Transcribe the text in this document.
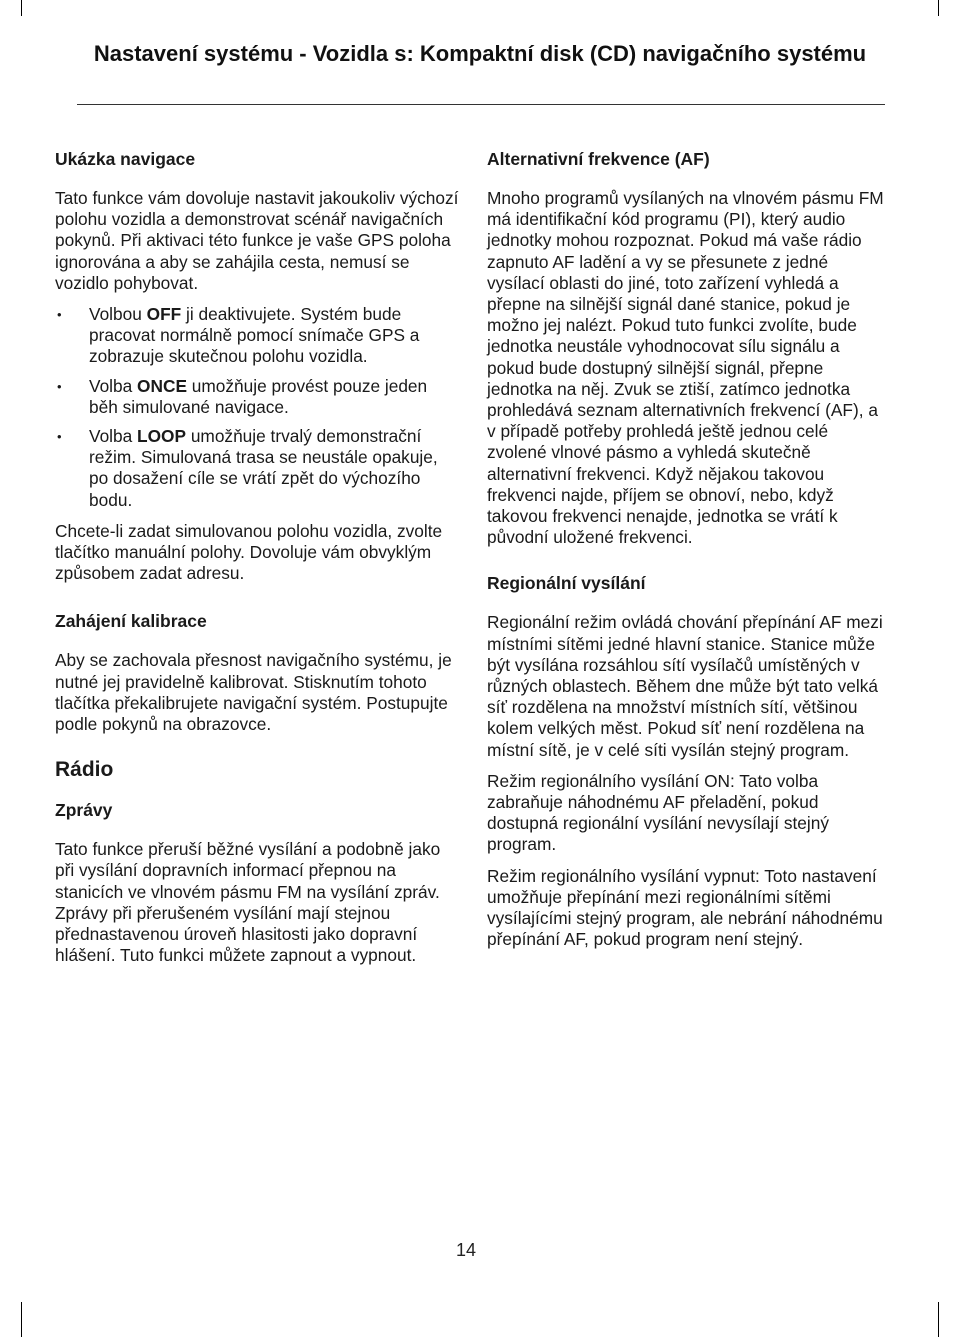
Nastavení systému - Vozidla s: Kompaktní disk (CD) navigačního systému
Ukázka navigace

Tato funkce vám dovoluje nastavit jakoukoliv výchozí polohu vozidla a demonstrovat scénář navigačních pokynů. Při aktivaci této funkce je vaše GPS poloha ignorována a aby se zahájila cesta, nemusí se vozidlo pohybovat.

• Volbou OFF ji deaktivujete. Systém bude pracovat normálně pomocí snímače GPS a zobrazuje skutečnou polohu vozidla.
• Volba ONCE umožňuje provést pouze jeden běh simulované navigace.
• Volba LOOP umožňuje trvalý demonstrační režim. Simulovaná trasa se neustále opakuje, po dosažení cíle se vrátí zpět do výchozího bodu.

Chcete-li zadat simulovanou polohu vozidla, zvolte tlačítko manuální polohy. Dovoluje vám obvyklým způsobem zadat adresu.

Zahájení kalibrace

Aby se zachovala přesnost navigačního systému, je nutné jej pravidelně kalibrovat. Stisknutím tohoto tlačítka překalibrujete navigační systém. Postupujte podle pokynů na obrazovce.

Rádio
Zprávy

Tato funkce přeruší běžné vysílání a podobně jako při vysílání dopravních informací přepnou na stanicích ve vlnovém pásmu FM na vysílání zpráv. Zprávy při přerušeném vysílání mají stejnou přednastavenou úroveň hlasitosti jako dopravní hlášení. Tuto funkci můžete zapnout a vypnout.

Alternativní frekvence (AF)

Mnoho programů vysílaných na vlnovém pásmu FM má identifikační kód programu (PI), který audio jednotky mohou rozpoznat. Pokud má vaše rádio zapnuto AF ladění a vy se přesunete z jedné vysílací oblasti do jiné, toto zařízení vyhledá a přepne na silnější signál dané stanice, pokud je možno jej nalézt. Pokud tuto funkci zvolíte, bude jednotka neustále vyhodnocovat sílu signálu a pokud bude dostupný silnější signál, přepne jednotka na něj. Zvuk se ztiší, zatímco jednotka prohledává seznam alternativních frekvencí (AF), a v případě potřeby prohledá ještě jednou celé zvolené vlnové pásmo a vyhledá skutečně alternativní frekvenci. Když nějakou takovou frekvenci najde, příjem se obnoví, nebo, když takovou frekvenci nenajde, jednotka se vrátí k původní uložené frekvenci.

Regionální vysílání

Regionální režim ovládá chování přepínání AF mezi místními sítěmi jedné hlavní stanice. Stanice může být vysílána rozsáhlou sítí vysílačů umístěných v různých oblastech. Během dne může být tato velká síť rozdělena na množství místních sítí, většinou kolem velkých měst. Pokud síť není rozdělena na místní sítě, je v celé síti vysílán stejný program.

Režim regionálního vysílání ON: Tato volba zabraňuje náhodnému AF přeladění, pokud dostupná regionální vysílání nevysílají stejný program.

Režim regionálního vysílání vypnut: Toto nastavení umožňuje přepínání mezi regionálními sítěmi vysílajícími stejný program, ale nebrání náhodnému přepínání AF, pokud program není stejný.

14
